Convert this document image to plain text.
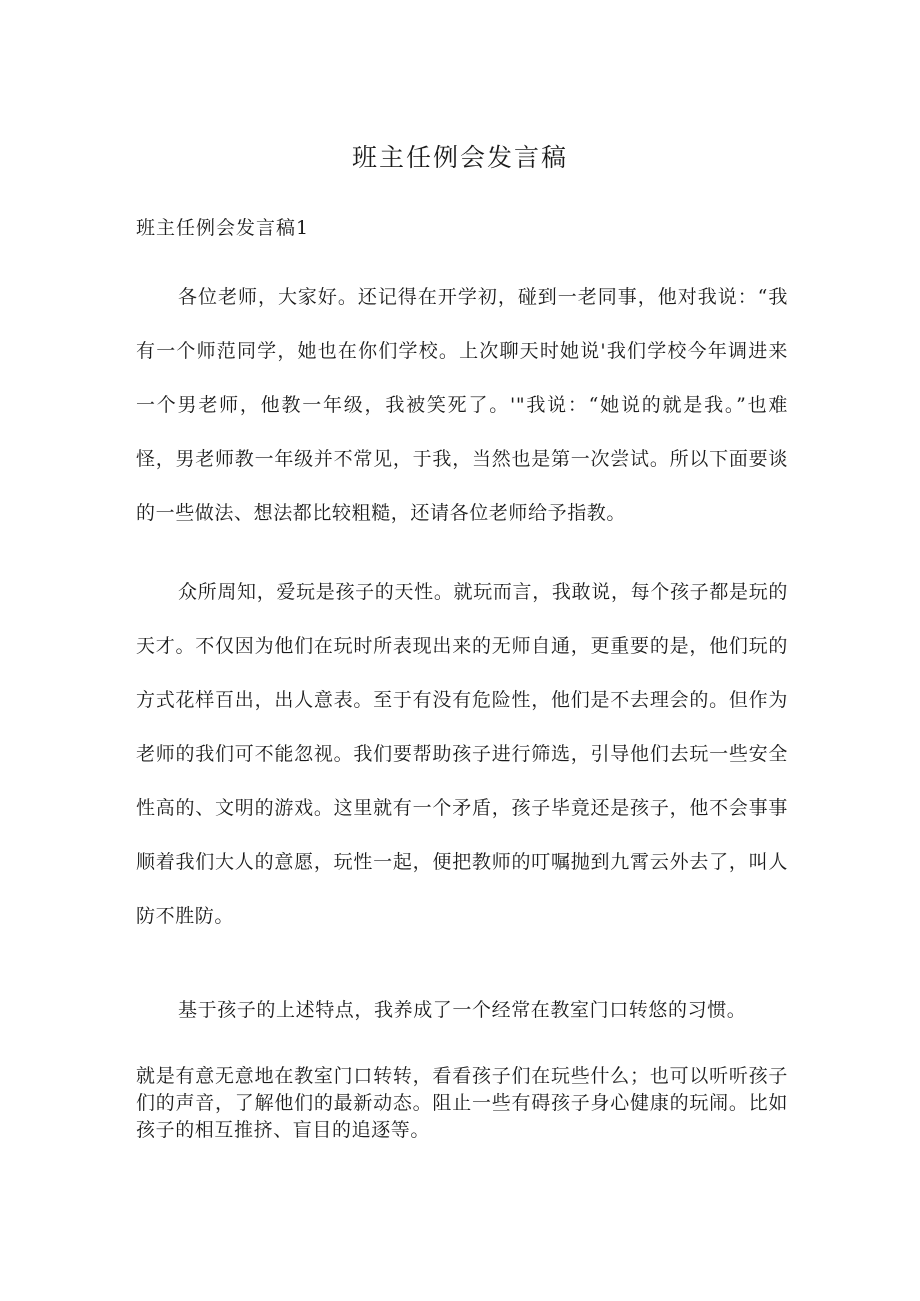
班主任例会发言稿
班主任例会发言稿1

各位老师，大家好。还记得在开学初，碰到一老同事，他对我说：“我有一个师范同学，她也在你们学校。上次聊天时她说'我们学校今年调进来一个男老师，他教一年级，我被笑死了。'"我说：“她说的就是我。”也难怪，男老师教一年级并不常见，于我，当然也是第一次尝试。所以下面要谈的一些做法、想法都比较粗糙，还请各位老师给予指教。

众所周知，爱玩是孩子的天性。就玩而言，我敢说，每个孩子都是玩的天才。不仅因为他们在玩时所表现出来的无师自通，更重要的是，他们玩的方式花样百出，出人意表。至于有没有危险性，他们是不去理会的。但作为老师的我们可不能忽视。我们要帮助孩子进行筛选，引导他们去玩一些安全性高的、文明的游戏。这里就有一个矛盾，孩子毕竟还是孩子，他不会事事顺着我们大人的意愿，玩性一起，便把教师的叮嘱抛到九霄云外去了，叫人防不胜防。

基于孩子的上述特点，我养成了一个经常在教室门口转悠的习惯。

就是有意无意地在教室门口转转，看看孩子们在玩些什么；也可以听听孩子们的声音，了解他们的最新动态。阻止一些有碍孩子身心健康的玩闹。比如孩子的相互推挤、盲目的追逐等。
